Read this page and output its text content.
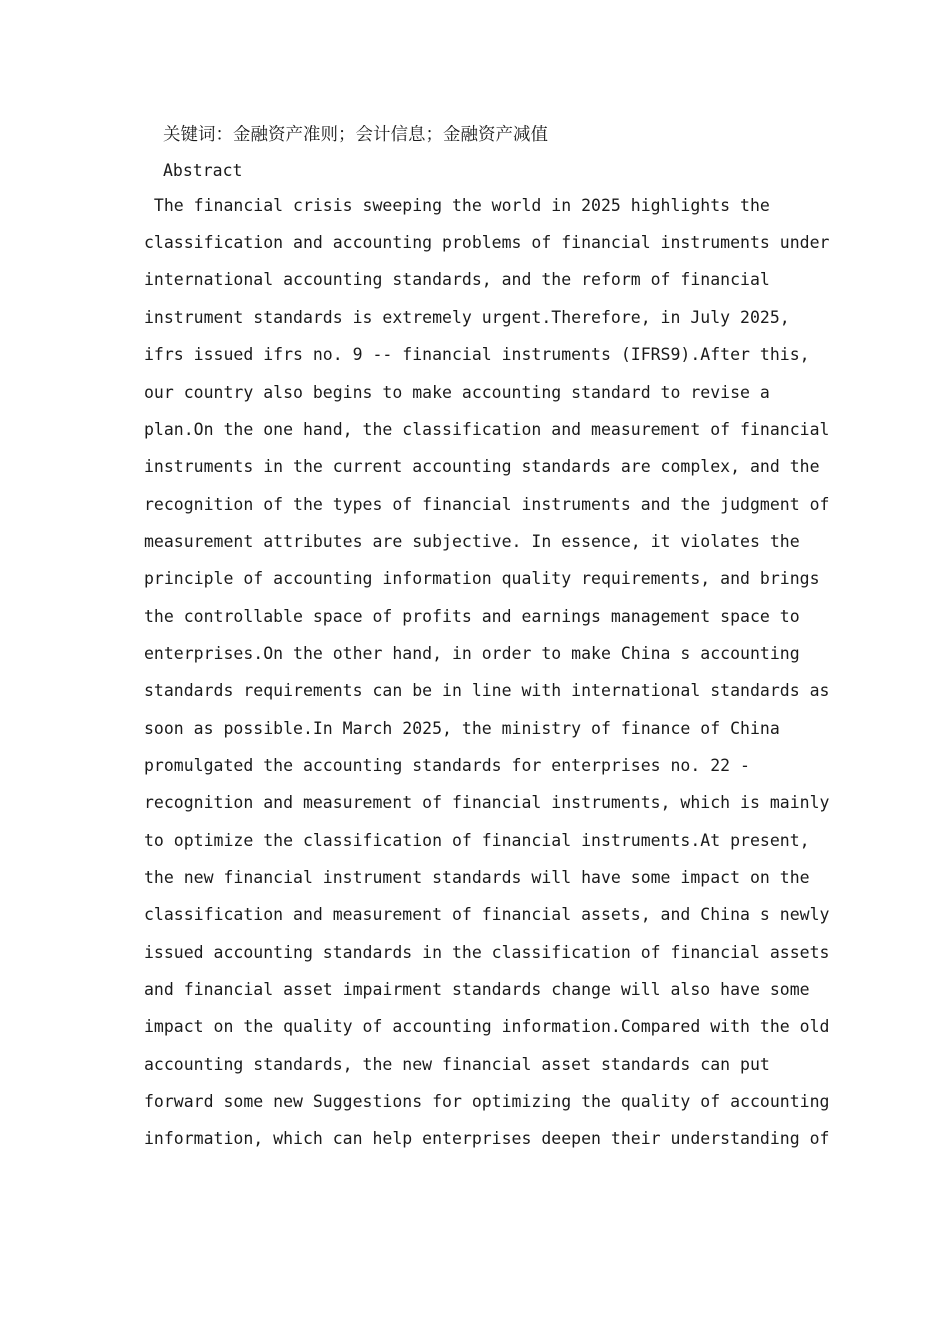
关键词：金融资产准则；会计信息；金融资产减值

Abstract

The financial crisis sweeping the world in 2025 highlights the

classification and accounting problems of financial instruments under

international accounting standards, and the reform of financial

instrument standards is extremely urgent.Therefore, in July 2025,

ifrs issued ifrs no. 9 -- financial instruments (IFRS9).After this,

our country also begins to make accounting standard to revise a

plan.On the one hand, the classification and measurement of financial

instruments in the current accounting standards are complex, and the

recognition of the types of financial instruments and the judgment of

measurement attributes are subjective. In essence, it violates the

principle of accounting information quality requirements, and brings

the controllable space of profits and earnings management space to

enterprises.On the other hand, in order to make China s accounting

standards requirements can be in line with international standards as

soon as possible.In March 2025, the ministry of finance of China

promulgated the accounting standards for enterprises no. 22 -

recognition and measurement of financial instruments, which is mainly

to optimize the classification of financial instruments.At present,

the new financial instrument standards will have some impact on the

classification and measurement of financial assets, and China s newly

issued accounting standards in the classification of financial assets

and financial asset impairment standards change will also have some

impact on the quality of accounting information.Compared with the old

accounting standards, the new financial asset standards can put

forward some new Suggestions for optimizing the quality of accounting

information, which can help enterprises deepen their understanding of
